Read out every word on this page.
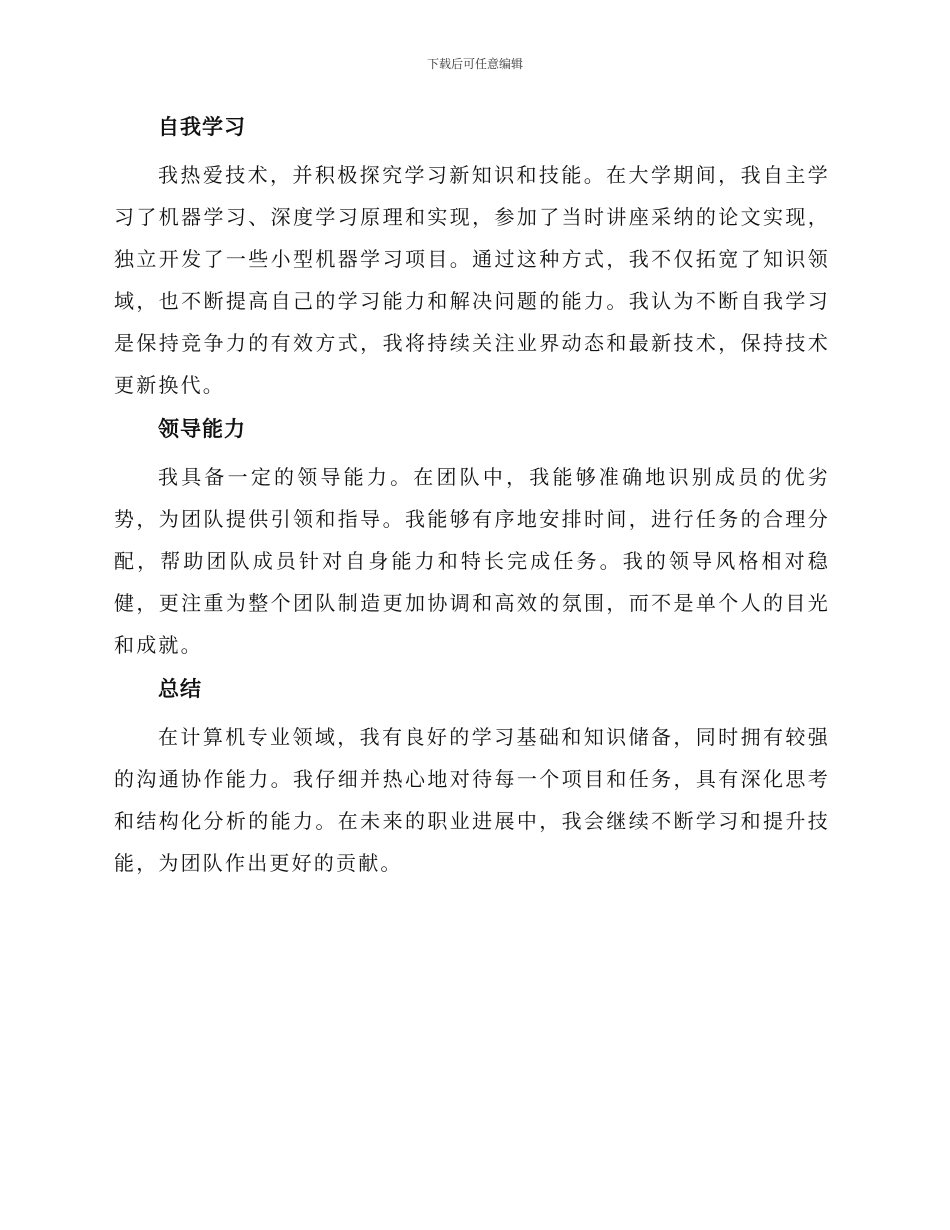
下载后可任意编辑
自我学习

我热爱技术，并积极探究学习新知识和技能。在大学期间，我自主学习了机器学习、深度学习原理和实现，参加了当时讲座采纳的论文实现，独立开发了一些小型机器学习项目。通过这种方式，我不仅拓宽了知识领域，也不断提高自己的学习能力和解决问题的能力。我认为不断自我学习是保持竞争力的有效方式，我将持续关注业界动态和最新技术，保持技术更新换代。

领导能力

我具备一定的领导能力。在团队中，我能够准确地识别成员的优劣势，为团队提供引领和指导。我能够有序地安排时间，进行任务的合理分配，帮助团队成员针对自身能力和特长完成任务。我的领导风格相对稳健，更注重为整个团队制造更加协调和高效的氛围，而不是单个人的目光和成就。

总结

在计算机专业领域，我有良好的学习基础和知识储备，同时拥有较强的沟通协作能力。我仔细并热心地对待每一个项目和任务，具有深化思考和结构化分析的能力。在未来的职业进展中，我会继续不断学习和提升技能，为团队作出更好的贡献。
